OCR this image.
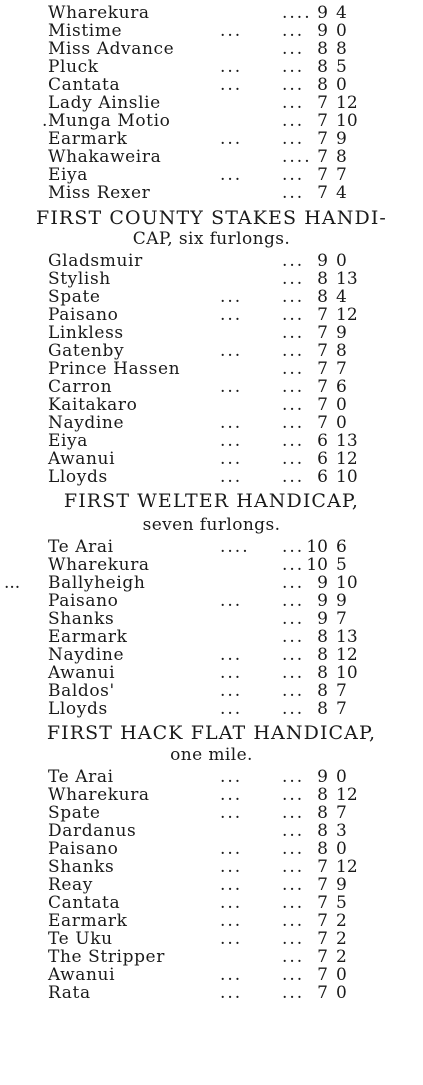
Wharekura	.... 9 4
Mistime	... ... 9 0
Miss Advance	... 8 8
Pluck	... ... 8 5
Cantata	... ... 8 0
Lady Ainslie	... 7 12
.Munga Motio	... 7 10
Earmark	... ... 7 9
Whakaweira	.... 7 8
Eiya	... ... 7 7
Miss Rexer	... 7 4
FIRST COUNTY STAKES HANDI-
CAP, six furlongs.
Gladsmuir	... 9 0
Stylish	... 8 13
Spate	... ... 8 4
Paisano	... ... 7 12
Linkless	... 7 9
Gatenby	... ... 7 8
Prince Hassen	... 7 7
Carron	... ... 7 6
Kaitakaro	... 7 0
Naydine	... ... 7 0
Eiya	... ... 6 13
Awanui	... ... 6 12
Lloyds	... ... 6 10
FIRST WELTER HANDICAP,
seven furlongs.
Te Arai	.... ... 10 6
Wharekura	... 10 5
... Ballyheigh	... 9 10
Paisano	... ... 9 9
Shanks	... 9 7
Earmark	... 8 13
Naydine	... ... 8 12
Awanui	... ... 8 10
Baldos'	... ... 8 7
Lloyds	... ... 8 7
FIRST HACK FLAT HANDICAP,
one mile.
Te Arai	... ... 9 0
Wharekura	... ... 8 12
Spate	... ... 8 7
Dardanus	... 8 3
Paisano	... ... 8 0
Shanks	... ... 7 12
Reay	... ... 7 9
Cantata	... ... 7 5
Earmark	... ... 7 2
Te Uku	... ... 7 2
The Stripper	... 7 2
Awanui	... ... 7 0
Rata	... ... 7 0
